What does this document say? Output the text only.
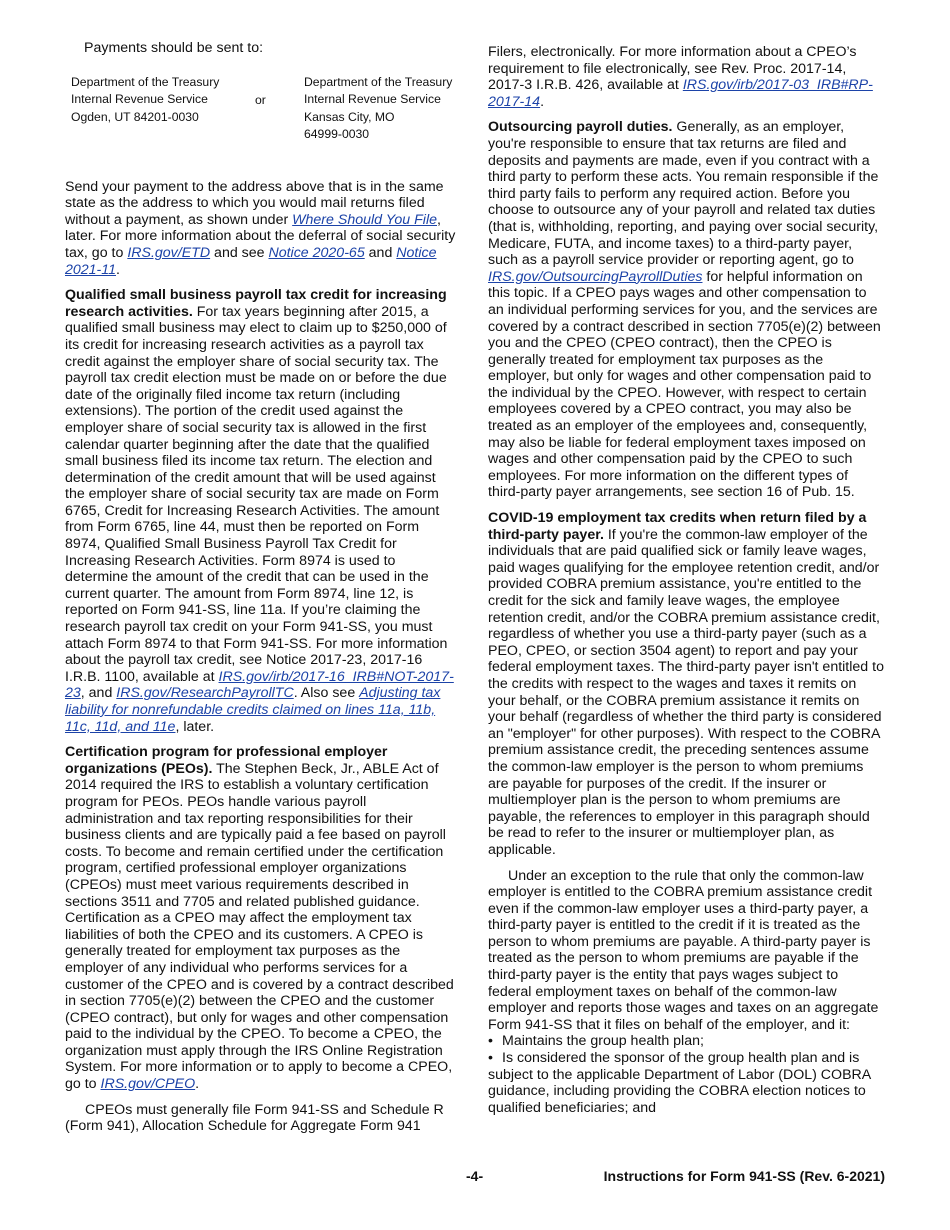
Payments should be sent to:

Department of the Treasury
Internal Revenue Service
Ogden, UT 84201-0030
or
Department of the Treasury
Internal Revenue Service
Kansas City, MO
64999-0030

Send your payment to the address above that is in the same state as the address to which you would mail returns filed without a payment, as shown under Where Should You File, later. For more information about the deferral of social security tax, go to IRS.gov/ETD and see Notice 2020-65 and Notice 2021-11.

Qualified small business payroll tax credit for increasing research activities. For tax years beginning after 2015, a qualified small business may elect to claim up to $250,000 of its credit for increasing research activities as a payroll tax credit against the employer share of social security tax. The payroll tax credit election must be made on or before the due date of the originally filed income tax return (including extensions). The portion of the credit used against the employer share of social security tax is allowed in the first calendar quarter beginning after the date that the qualified small business filed its income tax return. The election and determination of the credit amount that will be used against the employer share of social security tax are made on Form 6765, Credit for Increasing Research Activities. The amount from Form 6765, line 44, must then be reported on Form 8974, Qualified Small Business Payroll Tax Credit for Increasing Research Activities. Form 8974 is used to determine the amount of the credit that can be used in the current quarter. The amount from Form 8974, line 12, is reported on Form 941-SS, line 11a. If you’re claiming the research payroll tax credit on your Form 941-SS, you must attach Form 8974 to that Form 941-SS. For more information about the payroll tax credit, see Notice 2017-23, 2017-16 I.R.B. 1100, available at IRS.gov/irb/2017-16_IRB#NOT-2017-23, and IRS.gov/ResearchPayrollTC. Also see Adjusting tax liability for nonrefundable credits claimed on lines 11a, 11b, 11c, 11d, and 11e, later.

Certification program for professional employer organizations (PEOs). The Stephen Beck, Jr., ABLE Act of 2014 required the IRS to establish a voluntary certification program for PEOs. PEOs handle various payroll administration and tax reporting responsibilities for their business clients and are typically paid a fee based on payroll costs. To become and remain certified under the certification program, certified professional employer organizations (CPEOs) must meet various requirements described in sections 3511 and 7705 and related published guidance. Certification as a CPEO may affect the employment tax liabilities of both the CPEO and its customers. A CPEO is generally treated for employment tax purposes as the employer of any individual who performs services for a customer of the CPEO and is covered by a contract described in section 7705(e)(2) between the CPEO and the customer (CPEO contract), but only for wages and other compensation paid to the individual by the CPEO. To become a CPEO, the organization must apply through the IRS Online Registration System. For more information or to apply to become a CPEO, go to IRS.gov/CPEO.

CPEOs must generally file Form 941-SS and Schedule R (Form 941), Allocation Schedule for Aggregate Form 941

Filers, electronically. For more information about a CPEO’s requirement to file electronically, see Rev. Proc. 2017-14, 2017-3 I.R.B. 426, available at IRS.gov/irb/2017-03_IRB#RP-2017-14.

Outsourcing payroll duties. Generally, as an employer, you're responsible to ensure that tax returns are filed and deposits and payments are made, even if you contract with a third party to perform these acts. You remain responsible if the third party fails to perform any required action. Before you choose to outsource any of your payroll and related tax duties (that is, withholding, reporting, and paying over social security, Medicare, FUTA, and income taxes) to a third-party payer, such as a payroll service provider or reporting agent, go to IRS.gov/OutsourcingPayrollDuties for helpful information on this topic. If a CPEO pays wages and other compensation to an individual performing services for you, and the services are covered by a contract described in section 7705(e)(2) between you and the CPEO (CPEO contract), then the CPEO is generally treated for employment tax purposes as the employer, but only for wages and other compensation paid to the individual by the CPEO. However, with respect to certain employees covered by a CPEO contract, you may also be treated as an employer of the employees and, consequently, may also be liable for federal employment taxes imposed on wages and other compensation paid by the CPEO to such employees. For more information on the different types of third-party payer arrangements, see section 16 of Pub. 15.

COVID-19 employment tax credits when return filed by a third-party payer. If you're the common-law employer of the individuals that are paid qualified sick or family leave wages, paid wages qualifying for the employee retention credit, and/or provided COBRA premium assistance, you're entitled to the credit for the sick and family leave wages, the employee retention credit, and/or the COBRA premium assistance credit, regardless of whether you use a third-party payer (such as a PEO, CPEO, or section 3504 agent) to report and pay your federal employment taxes. The third-party payer isn't entitled to the credits with respect to the wages and taxes it remits on your behalf, or the COBRA premium assistance it remits on your behalf (regardless of whether the third party is considered an "employer" for other purposes). With respect to the COBRA premium assistance credit, the preceding sentences assume the common-law employer is the person to whom premiums are payable for purposes of the credit. If the insurer or multiemployer plan is the person to whom premiums are payable, the references to employer in this paragraph should be read to refer to the insurer or multiemployer plan, as applicable.

Under an exception to the rule that only the common-law employer is entitled to the COBRA premium assistance credit even if the common-law employer uses a third-party payer, a third-party payer is entitled to the credit if it is treated as the person to whom premiums are payable. A third-party payer is treated as the person to whom premiums are payable if the third-party payer is the entity that pays wages subject to federal employment taxes on behalf of the common-law employer and reports those wages and taxes on an aggregate Form 941-SS that it files on behalf of the employer, and it:

• Maintains the group health plan;
• Is considered the sponsor of the group health plan and is subject to the applicable Department of Labor (DOL) COBRA guidance, including providing the COBRA election notices to qualified beneficiaries; and
-4-	Instructions for Form 941-SS (Rev. 6-2021)
